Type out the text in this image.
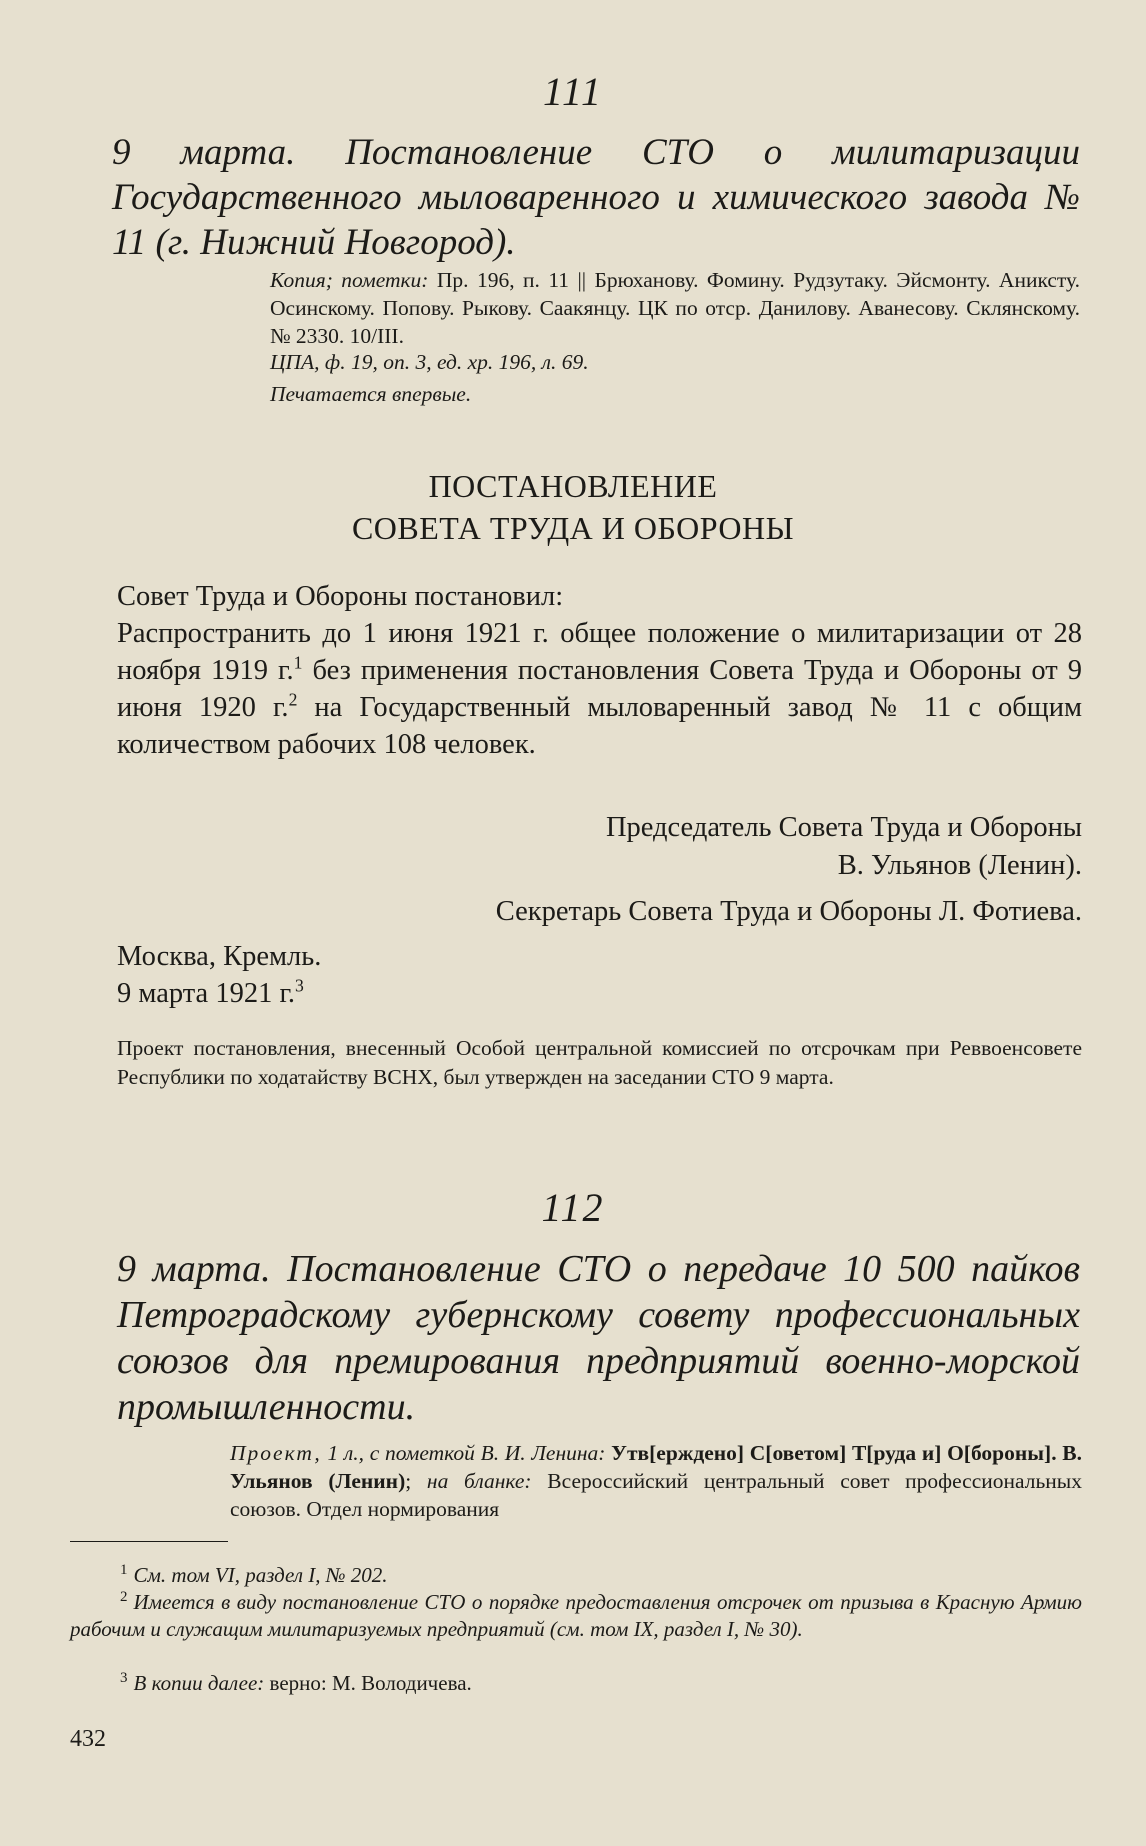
111
9 марта. Постановление СТО о милитаризации Государственного мыловаренного и химического завода № 11 (г. Нижний Новгород).
Копия; пометки: Пр. 196, п. 11 || Брюханову. Фомину. Рудзутаку. Эйсмонту. Аниксту. Осинскому. Попову. Рыкову. Саакянцу. ЦК по отср. Данилову. Аванесову. Склянскому. № 2330. 10/III.
ЦПА, ф. 19, оп. 3, ед. хр. 196, л. 69.
Печатается впервые.
ПОСТАНОВЛЕНИЕ
СОВЕТА ТРУДА И ОБОРОНЫ
Совет Труда и Обороны постановил:
Распространить до 1 июня 1921 г. общее положение о милитаризации от 28 ноября 1919 г.$^1$ без применения постановления Совета Труда и Обороны от 9 июня 1920 г.$^2$ на Государственный мыловаренный завод № 11 с общим количеством рабочих 108 человек.
Председатель Совета Труда и Обороны
В. Ульянов (Ленин).
Секретарь Совета Труда и Обороны Л. Фотиева.
Москва, Кремль.
9 марта 1921 г.$^3$
Проект постановления, внесенный Особой центральной комиссией по отсрочкам при Реввоенсовете Республики по ходатайству ВСНХ, был утвержден на заседании СТО 9 марта.
112
9 марта. Постановление СТО о передаче 10 500 пайков Петроградскому губернскому совету профессиональных союзов для премирования предприятий военно-морской промышленности.
Проект, 1 л., с пометкой В. И. Ленина: Утв[ерждено] С[оветом] Т[руда и] О[бороны]. В. Ульянов (Ленин); на бланке: Всероссийский центральный совет профессиональных союзов. Отдел нормирования
$^1$ См. том VI, раздел I, № 202.
$^2$ Имеется в виду постановление СТО о порядке предоставления отсрочек от призыва в Красную Армию рабочим и служащим милитаризуемых предприятий (см. том IX, раздел I, № 30).
$^3$ В копии далее: верно: М. Володичева.
432
